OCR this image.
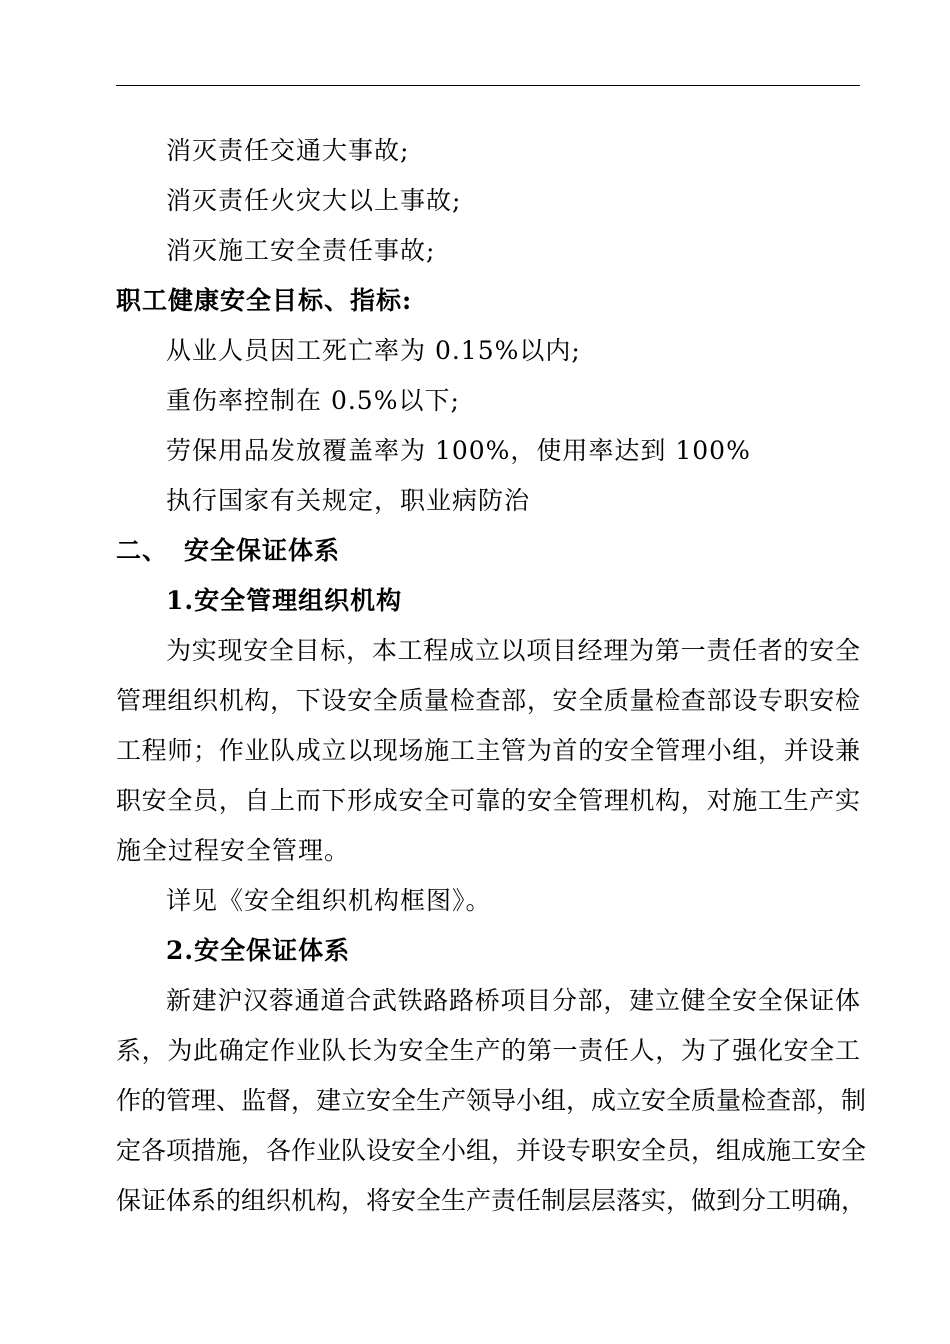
消灭责任交通大事故;
消灭责任火灾大以上事故;
消灭施工安全责任事故;
职工健康安全目标、指标:
从业人员因工死亡率为 0.15%以内;
重伤率控制在 0.5%以下;
劳保用品发放覆盖率为 100%，使用率达到 100%
执行国家有关规定，职业病防治
二、 安全保证体系
1.安全管理组织机构
为实现安全目标，本工程成立以项目经理为第一责任者的安全
管理组织机构，下设安全质量检查部，安全质量检查部设专职安检
工程师；作业队成立以现场施工主管为首的安全管理小组，并设兼
职安全员，自上而下形成安全可靠的安全管理机构，对施工生产实
施全过程安全管理。
详见《安全组织机构框图》。
2.安全保证体系
新建沪汉蓉通道合武铁路路桥项目分部，建立健全安全保证体
系，为此确定作业队长为安全生产的第一责任人，为了强化安全工
作的管理、监督，建立安全生产领导小组，成立安全质量检查部，制
定各项措施，各作业队设安全小组，并设专职安全员，组成施工安全
保证体系的组织机构，将安全生产责任制层层落实，做到分工明确，
